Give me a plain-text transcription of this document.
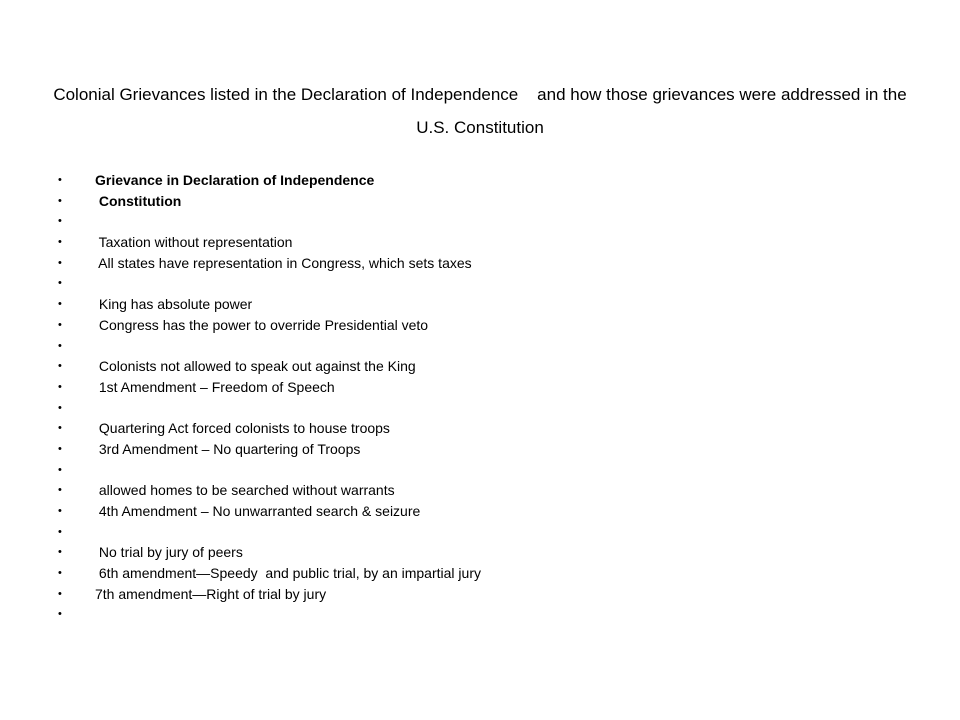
Colonial Grievances listed in the Declaration of Independence    and how those grievances were addressed in the U.S. Constitution
•	Grievance in Declaration of Independence
•	Constitution
•
•	Taxation without representation
•	All states have representation in Congress, which sets taxes
•
•	King has absolute power
•	Congress has the power to override Presidential veto
•
•	Colonists not allowed to speak out against the King
•	1st Amendment – Freedom of Speech
•
•	Quartering Act forced colonists to house troops
•	3rd Amendment – No quartering of Troops
•
•	allowed homes to be searched without warrants
•	4th Amendment – No unwarranted search & seizure
•
•	No trial by jury of peers
•	6th amendment—Speedy  and public trial, by an impartial jury
•	7th amendment—Right of trial by jury
•
